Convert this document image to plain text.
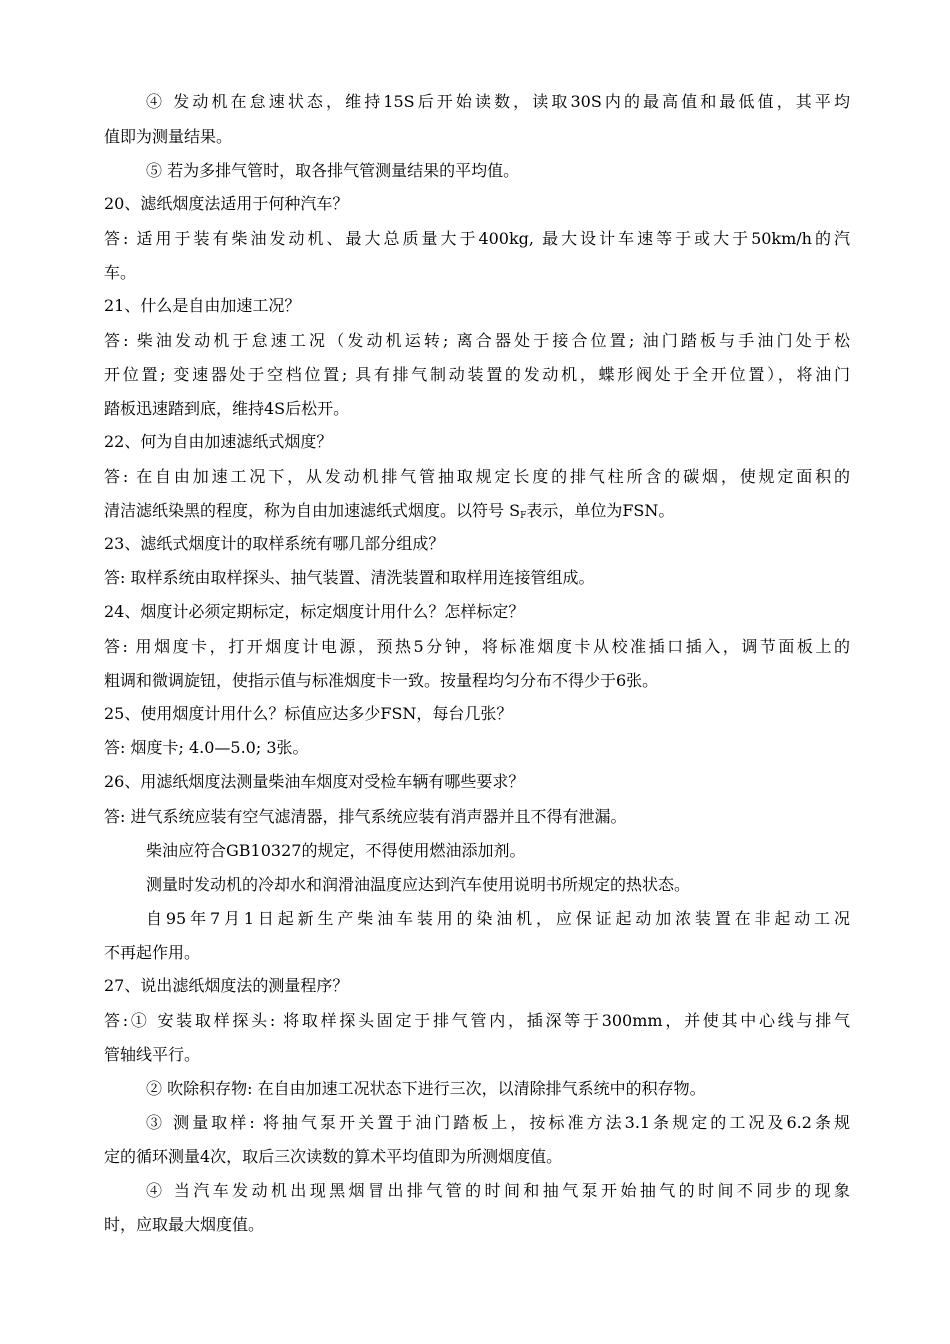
④ 发动机在怠速状态，维持15S后开始读数，读取30S内的最高值和最低值，其平均
值即为测量结果。
⑤ 若为多排气管时，取各排气管测量结果的平均值。
20、滤纸烟度法适用于何种汽车？
答: 适用于装有柴油发动机、最大总质量大于400kg, 最大设计车速等于或大于50km/h的汽
车。
21、什么是自由加速工况？
答: 柴油发动机于怠速工况（发动机运转; 离合器处于接合位置; 油门踏板与手油门处于松
开位置; 变速器处于空档位置; 具有排气制动装置的发动机，蝶形阀处于全开位置），将油门
踏板迅速踏到底，维持4S后松开。
22、何为自由加速滤纸式烟度？
答: 在自由加速工况下，从发动机排气管抽取规定长度的排气柱所含的碳烟，使规定面积的
清洁滤纸染黑的程度，称为自由加速滤纸式烟度。以符号 $S_F$表示，单位为FSN。
23、滤纸式烟度计的取样系统有哪几部分组成？
答: 取样系统由取样探头、抽气装置、清洗装置和取样用连接管组成。
24、烟度计必须定期标定，标定烟度计用什么？怎样标定？
答: 用烟度卡，打开烟度计电源，预热5分钟，将标准烟度卡从校准插口插入，调节面板上的
粗调和微调旋钮，使指示值与标准烟度卡一致。按量程均匀分布不得少于6张。
25、使用烟度计用什么？标值应达多少FSN，每台几张？
答: 烟度卡; 4.0—5.0; 3张。
26、用滤纸烟度法测量柴油车烟度对受检车辆有哪些要求？
答: 进气系统应装有空气滤清器，排气系统应装有消声器并且不得有泄漏。
柴油应符合GB10327的规定，不得使用燃油添加剂。
测量时发动机的冷却水和润滑油温度应达到汽车使用说明书所规定的热状态。
自95年7月1日起新生产柴油车装用的染油机，应保证起动加浓装置在非起动工况
不再起作用。
27、说出滤纸烟度法的测量程序？
答:① 安装取样探头: 将取样探头固定于排气管内，插深等于300mm，并使其中心线与排气
管轴线平行。
② 吹除积存物: 在自由加速工况状态下进行三次，以清除排气系统中的积存物。
③ 测量取样: 将抽气泵开关置于油门踏板上，按标准方法3.1条规定的工况及6.2条规
定的循环测量4次，取后三次读数的算术平均值即为所测烟度值。
④ 当汽车发动机出现黑烟冒出排气管的时间和抽气泵开始抽气的时间不同步的现象
时，应取最大烟度值。
